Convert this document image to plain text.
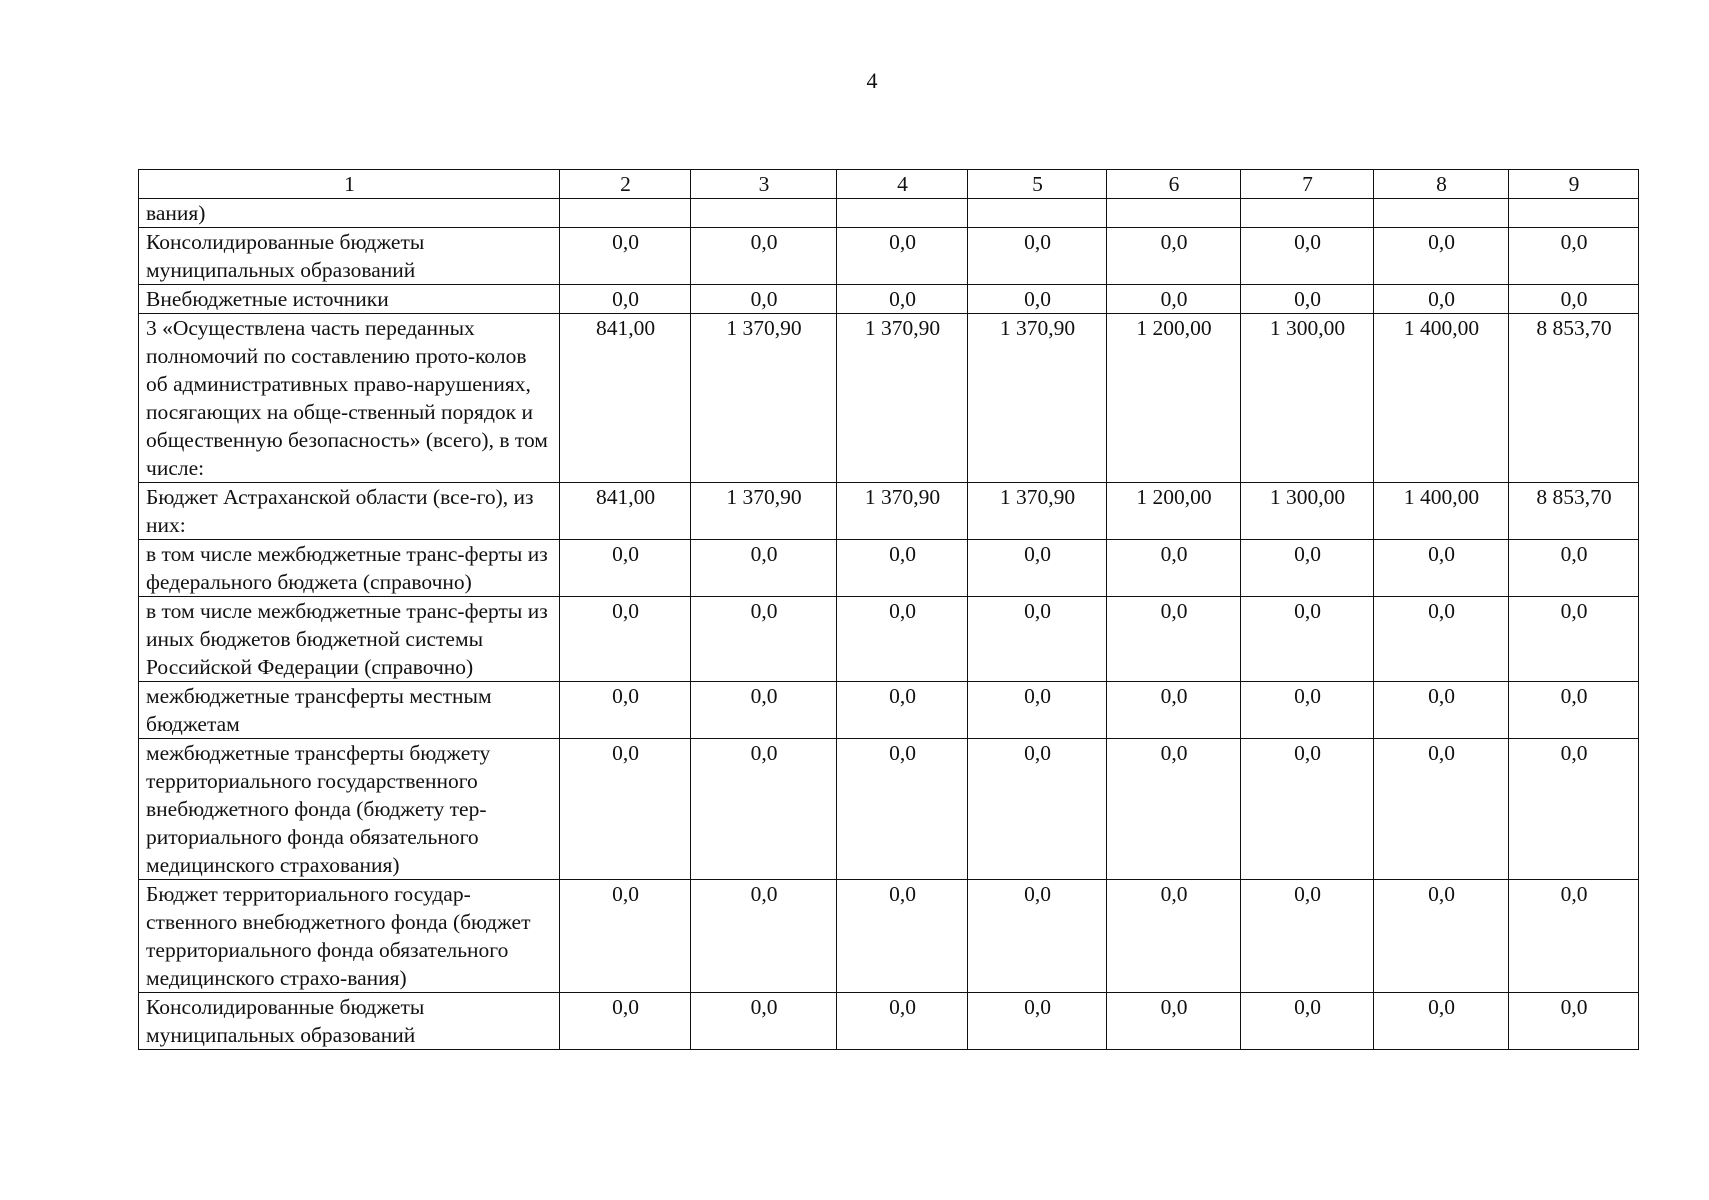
4
1	2	3	4	5	6	7	8	9
вания)								
Консолидированные бюджеты муниципальных образований	0,0	0,0	0,0	0,0	0,0	0,0	0,0	0,0
Внебюджетные источники	0,0	0,0	0,0	0,0	0,0	0,0	0,0	0,0
3 «Осуществлена часть переданных полномочий по составлению прото-колов об административных право-нарушениях, посягающих на обще-ственный порядок и общественную безопасность» (всего), в том числе:	841,00	1 370,90	1 370,90	1 370,90	1 200,00	1 300,00	1 400,00	8 853,70
Бюджет Астраханской области (все-го), из них:	841,00	1 370,90	1 370,90	1 370,90	1 200,00	1 300,00	1 400,00	8 853,70
в том числе межбюджетные транс-ферты из федерального бюджета (справочно)	0,0	0,0	0,0	0,0	0,0	0,0	0,0	0,0
в том числе межбюджетные транс-ферты из иных бюджетов бюджетной системы Российской Федерации (справочно)	0,0	0,0	0,0	0,0	0,0	0,0	0,0	0,0
межбюджетные трансферты местным бюджетам	0,0	0,0	0,0	0,0	0,0	0,0	0,0	0,0
межбюджетные трансферты бюджету территориального государственного внебюджетного фонда (бюджету тер-риториального фонда обязательного медицинского страхования)	0,0	0,0	0,0	0,0	0,0	0,0	0,0	0,0
Бюджет территориального государ-ственного внебюджетного фонда (бюджет территориального фонда обязательного медицинского страхо-вания)	0,0	0,0	0,0	0,0	0,0	0,0	0,0	0,0
Консолидированные бюджеты муниципальных образований	0,0	0,0	0,0	0,0	0,0	0,0	0,0	0,0
